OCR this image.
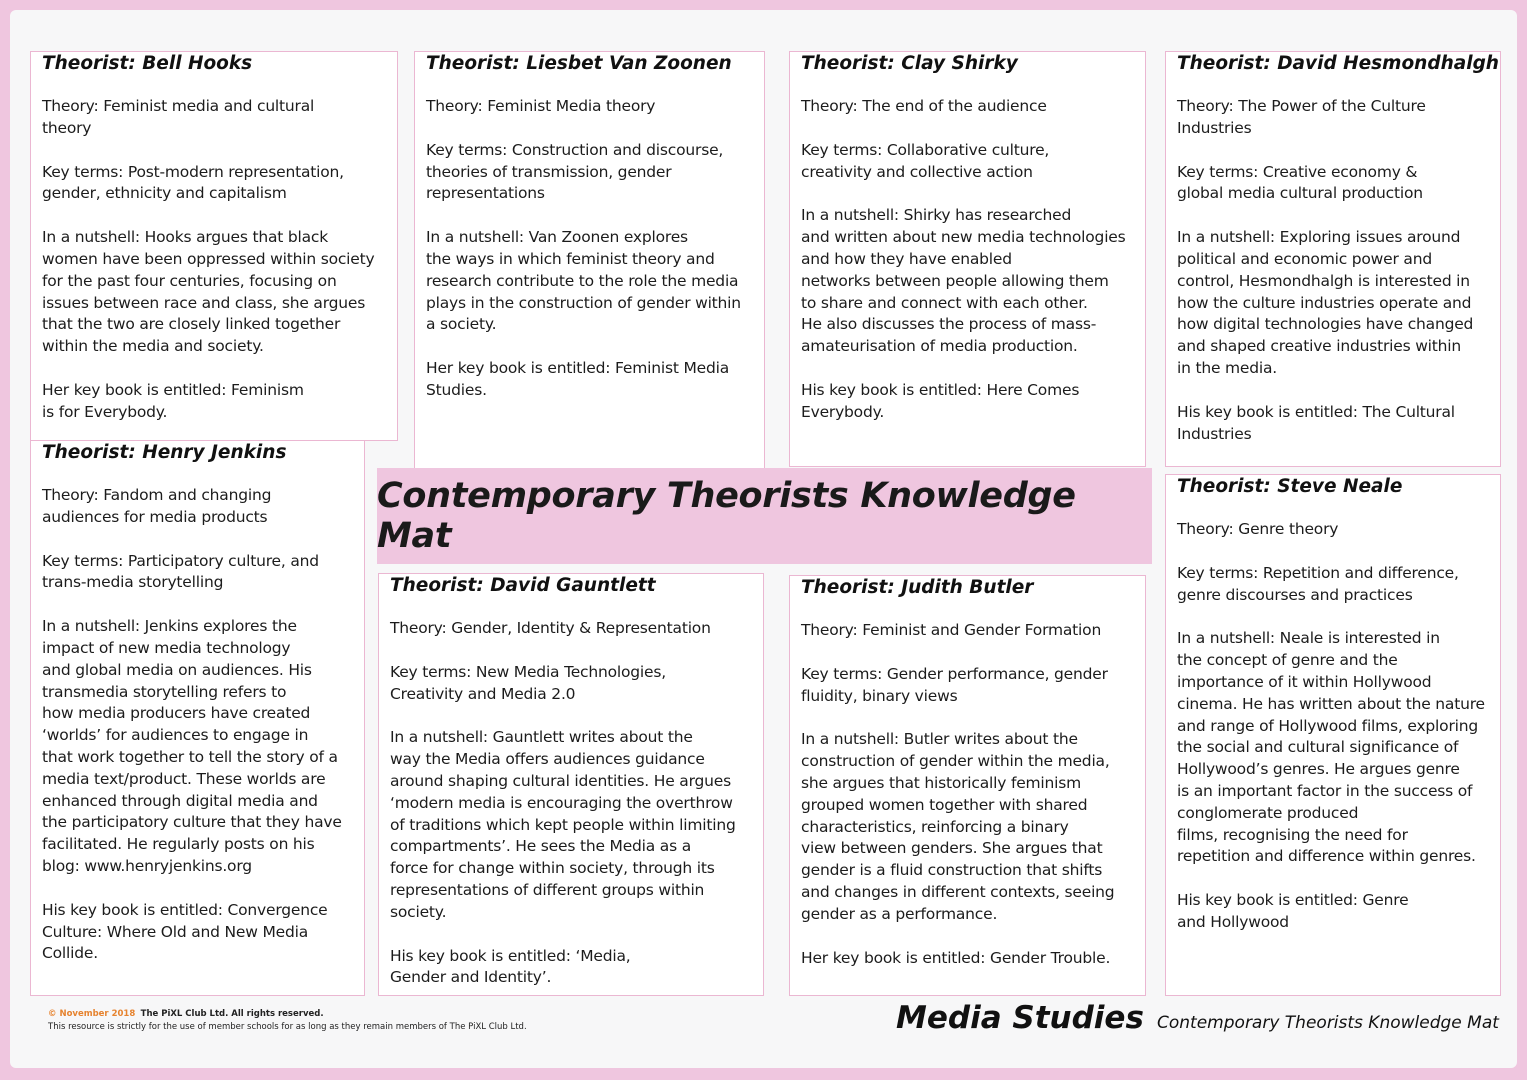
Theorist: Bell Hooks

Theory: Feminist media and cultural
theory

Key terms: Post-modern representation,
gender, ethnicity and capitalism

In a nutshell: Hooks argues that black
women have been oppressed within society
for the past four centuries, focusing on
issues between race and class, she argues
that the two are closely linked together
within the media and society.

Her key book is entitled: Feminism
is for Everybody.

Theorist: Liesbet Van Zoonen

Theory: Feminist Media theory

Key terms: Construction and discourse,
theories of transmission, gender
representations

In a nutshell: Van Zoonen explores
the ways in which feminist theory and
research contribute to the role the media
plays in the construction of gender within
a society.

Her key book is entitled: Feminist Media
Studies.

Theorist: Clay Shirky

Theory: The end of the audience

Key terms: Collaborative culture,
creativity and collective action

In a nutshell: Shirky has researched
and written about new media technologies
and how they have enabled
networks between people allowing them
to share and connect with each other.
He also discusses the process of mass-
amateurisation of media production.

His key book is entitled: Here Comes
Everybody.

Theorist: David Hesmondhalgh

Theory: The Power of the Culture
Industries

Key terms: Creative economy &
global media cultural production

In a nutshell: Exploring issues around
political and economic power and
control, Hesmondhalgh is interested in
how the culture industries operate and
how digital technologies have changed
and shaped creative industries within
in the media.

His key book is entitled: The Cultural
Industries

Theorist: Henry Jenkins

Theory: Fandom and changing
audiences for media products

Key terms: Participatory culture, and
trans-media storytelling

In a nutshell: Jenkins explores the
impact of new media technology
and global media on audiences. His
transmedia storytelling refers to
how media producers have created
‘worlds’ for audiences to engage in
that work together to tell the story of a
media text/product. These worlds are
enhanced through digital media and
the participatory culture that they have
facilitated. He regularly posts on his
blog: www.henryjenkins.org

His key book is entitled: Convergence
Culture: Where Old and New Media
Collide.

Contemporary Theorists Knowledge Mat
Theorist: David Gauntlett

Theory: Gender, Identity & Representation

Key terms: New Media Technologies,
Creativity and Media 2.0

In a nutshell: Gauntlett writes about the
way the Media offers audiences guidance
around shaping cultural identities. He argues
‘modern media is encouraging the overthrow
of traditions which kept people within limiting
compartments’. He sees the Media as a
force for change within society, through its
representations of different groups within
society.

His key book is entitled: ‘Media,
Gender and Identity’.

Theorist: Judith Butler

Theory: Feminist and Gender Formation

Key terms: Gender performance, gender
fluidity, binary views

In a nutshell: Butler writes about the
construction of gender within the media,
she argues that historically feminism
grouped women together with shared
characteristics, reinforcing a binary
view between genders. She argues that
gender is a fluid construction that shifts
and changes in different contexts, seeing
gender as a performance.

Her key book is entitled: Gender Trouble.

Theorist: Steve Neale

Theory: Genre theory

Key terms: Repetition and difference,
genre discourses and practices

In a nutshell: Neale is interested in
the concept of genre and the
importance of it within Hollywood
cinema. He has written about the nature
and range of Hollywood films, exploring
the social and cultural significance of
Hollywood’s genres. He argues genre
is an important factor in the success of
conglomerate produced
films, recognising the need for
repetition and difference within genres.

His key book is entitled: Genre
and Hollywood

© November 2018 The PiXL Club Ltd. All rights reserved.
This resource is strictly for the use of member schools for as long as they remain members of The PiXL Club Ltd.	Media Studies Contemporary Theorists Knowledge Mat
